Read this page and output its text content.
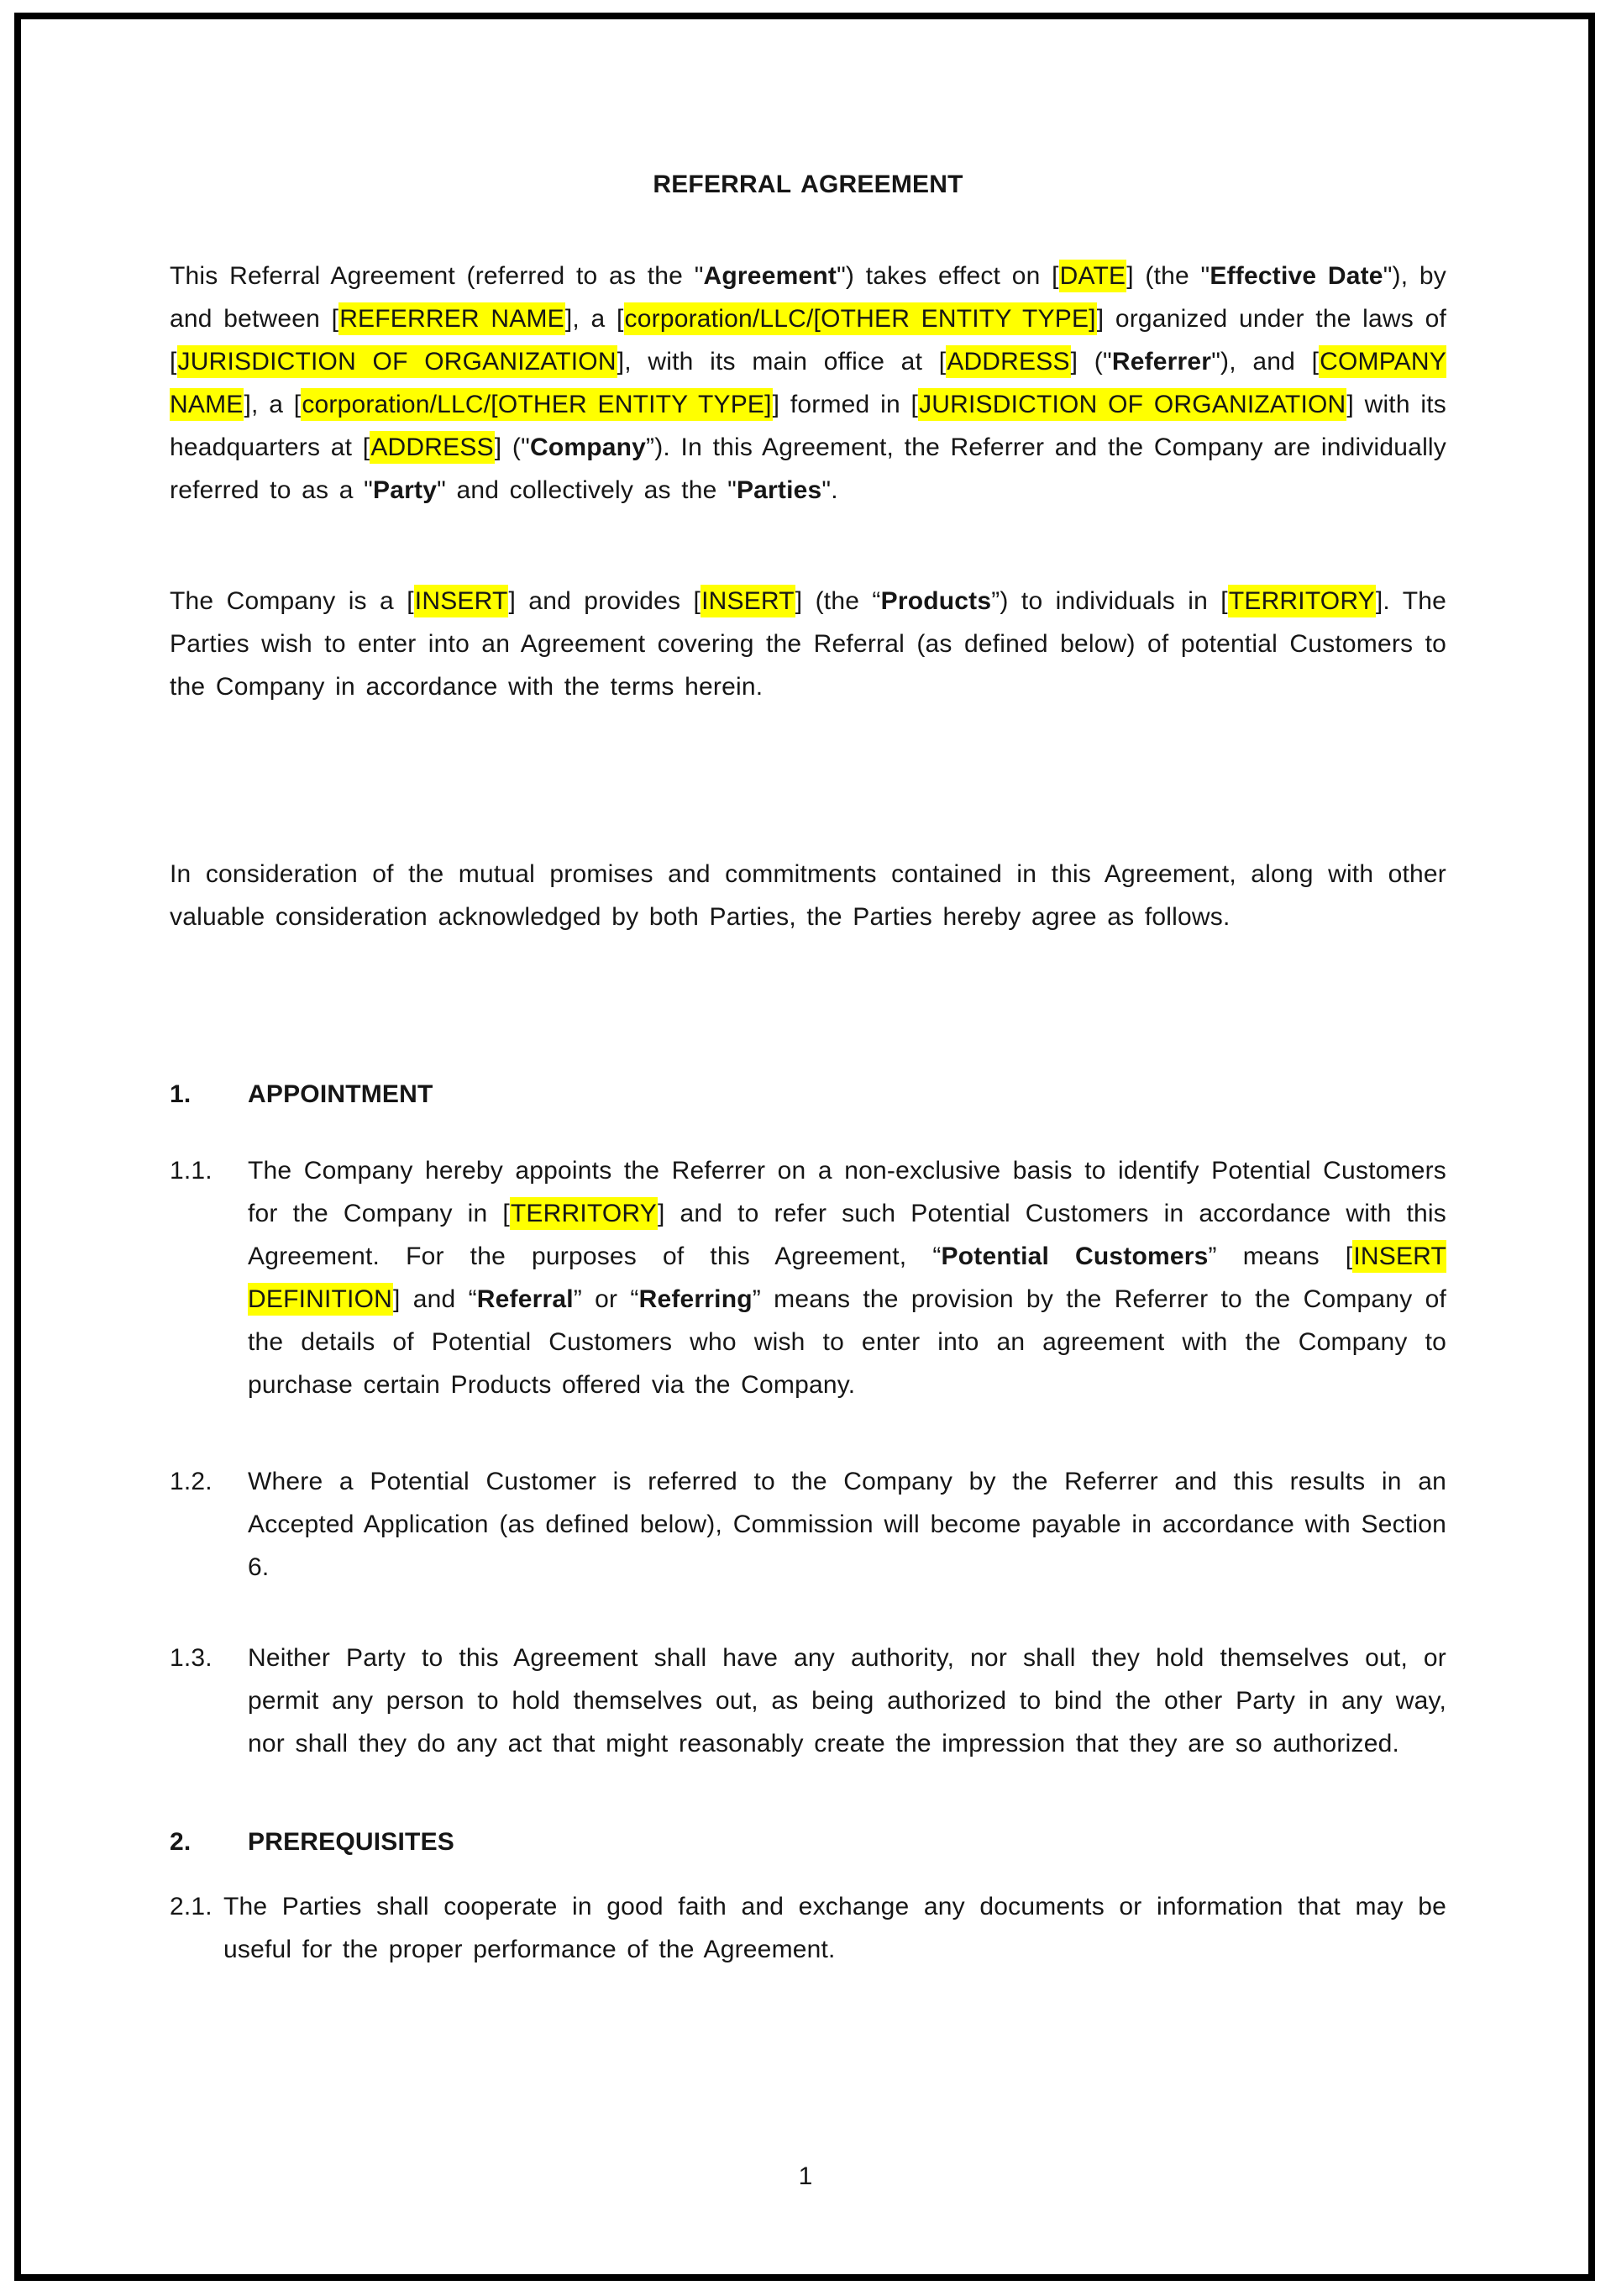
REFERRAL AGREEMENT

This Referral Agreement (referred to as the "Agreement") takes effect on [DATE] (the "Effective Date"), by and between [REFERRER NAME], a [corporation/LLC/[OTHER ENTITY TYPE]] organized under the laws of [JURISDICTION OF ORGANIZATION], with its main office at [ADDRESS] ("Referrer"), and [COMPANY NAME], a [corporation/LLC/[OTHER ENTITY TYPE]] formed in [JURISDICTION OF ORGANIZATION] with its headquarters at [ADDRESS] ("Company”). In this Agreement, the Referrer and the Company are individually referred to as a "Party" and collectively as the "Parties".

The Company is a [INSERT] and provides [INSERT] (the “Products”) to individuals in [TERRITORY]. The Parties wish to enter into an Agreement covering the Referral (as defined below) of potential Customers to the Company in accordance with the terms herein.

In consideration of the mutual promises and commitments contained in this Agreement, along with other valuable consideration acknowledged by both Parties, the Parties hereby agree as follows.

1.	APPOINTMENT
1.1.	The Company hereby appoints the Referrer on a non-exclusive basis to identify Potential Customers for the Company in [TERRITORY] and to refer such Potential Customers in accordance with this Agreement. For the purposes of this Agreement, “Potential Customers” means [INSERT DEFINITION] and “Referral” or “Referring” means the provision by the Referrer to the Company of the details of Potential Customers who wish to enter into an agreement with the Company to purchase certain Products offered via the Company.
1.2.	Where a Potential Customer is referred to the Company by the Referrer and this results in an Accepted Application (as defined below), Commission will become payable in accordance with Section 6.
1.3.	Neither Party to this Agreement shall have any authority, nor shall they hold themselves out, or permit any person to hold themselves out, as being authorized to bind the other Party in any way, nor shall they do any act that might reasonably create the impression that they are so authorized.
2.	PREREQUISITES
2.1. The Parties shall cooperate in good faith and exchange any documents or information that may be useful for the proper performance of the Agreement.
1
